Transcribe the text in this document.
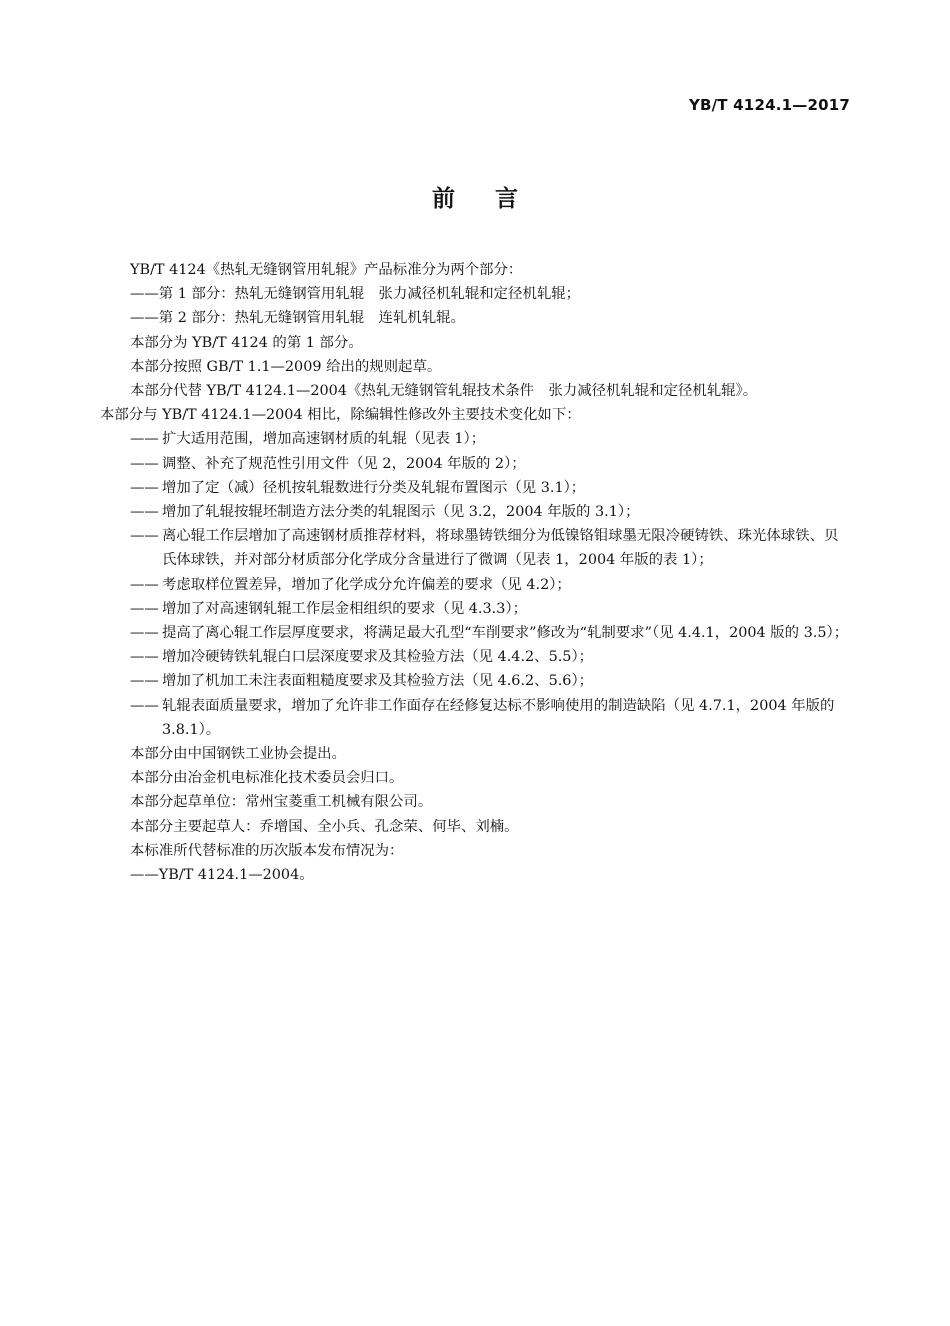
YB/T 4124.1—2017
前言

YB/T 4124《热轧无缝钢管用轧辊》产品标准分为两个部分：

——第 1 部分：热轧无缝钢管用轧辊　张力减径机轧辊和定径机轧辊；

——第 2 部分：热轧无缝钢管用轧辊　连轧机轧辊。

本部分为 YB/T 4124 的第 1 部分。

本部分按照 GB/T 1.1—2009 给出的规则起草。

本部分代替 YB/T 4124.1—2004《热轧无缝钢管轧辊技术条件　张力减径机轧辊和定径机轧辊》。

本部分与 YB/T 4124.1—2004 相比，除编辑性修改外主要技术变化如下：

—— 扩大适用范围，增加高速钢材质的轧辊（见表 1）；

—— 调整、补充了规范性引用文件（见 2，2004 年版的 2）；

—— 增加了定（减）径机按轧辊数进行分类及轧辊布置图示（见 3.1）；

—— 增加了轧辊按辊坯制造方法分类的轧辊图示（见 3.2，2004 年版的 3.1）；

—— 离心辊工作层增加了高速钢材质推荐材料，将球墨铸铁细分为低镍铬钼球墨无限冷硬铸铁、珠光体球铁、贝氏体球铁，并对部分材质部分化学成分含量进行了微调（见表 1，2004 年版的表 1）；

—— 考虑取样位置差异，增加了化学成分允许偏差的要求（见 4.2）；

—— 增加了对高速钢轧辊工作层金相组织的要求（见 4.3.3）；

—— 提高了离心辊工作层厚度要求，将满足最大孔型“车削要求”修改为“轧制要求”（见 4.4.1，2004 版的 3.5）；

—— 增加冷硬铸铁轧辊白口层深度要求及其检验方法（见 4.4.2、5.5）；

—— 增加了机加工未注表面粗糙度要求及其检验方法（见 4.6.2、5.6）；

—— 轧辊表面质量要求，增加了允许非工作面存在经修复达标不影响使用的制造缺陷（见 4.7.1，2004 年版的 3.8.1）。

本部分由中国钢铁工业协会提出。

本部分由冶金机电标准化技术委员会归口。

本部分起草单位：常州宝菱重工机械有限公司。

本部分主要起草人：乔增国、全小兵、孔念荣、何毕、刘楠。

本标准所代替标准的历次版本发布情况为：

——YB/T 4124.1—2004。
